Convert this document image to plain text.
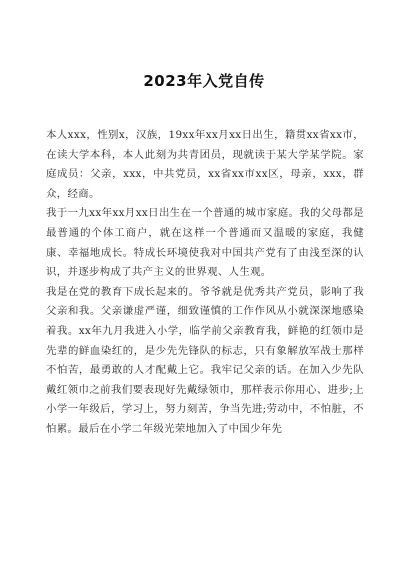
2023年入党自传

本人xxx，性别x，汉族，19xx年xx月xx日出生，籍贯xx省xx市，在读大学本科，本人此刻为共青团员，现就读于某大学某学院。家庭成员：父亲，xxx，中共党员，xx省xx市xx区，母亲，xxx，群众，经商。

我于一九xx年xx月xx日出生在一个普通的城市家庭。我的父母都是最普通的个体工商户，就在这样一个普通而又温暖的家庭，我健康、幸福地成长。特成长环境使我对中国共产党有了由浅至深的认识，并逐步构成了共产主义的世界观、人生观。

我是在党的教育下成长起来的。爷爷就是优秀共产党员，影响了我父亲和我。父亲谦虚严谨，细致谨慎的工作作风从小就深深地感染着我。xx年九月我进入小学，临学前父亲教育我，鲜艳的红领巾是先辈的鲜血染红的，是少先先锋队的标志，只有象解放军战士那样不怕苦，最勇敢的人才配戴上它。我牢记父亲的话。在加入少先队戴红领巾之前我们要表现好先戴绿领巾，那样表示你用心、进步;上小学一年级后，学习上，努力刻苦，争当先进;劳动中，不怕脏，不怕累。最后在小学二年级光荣地加入了中国少年先
